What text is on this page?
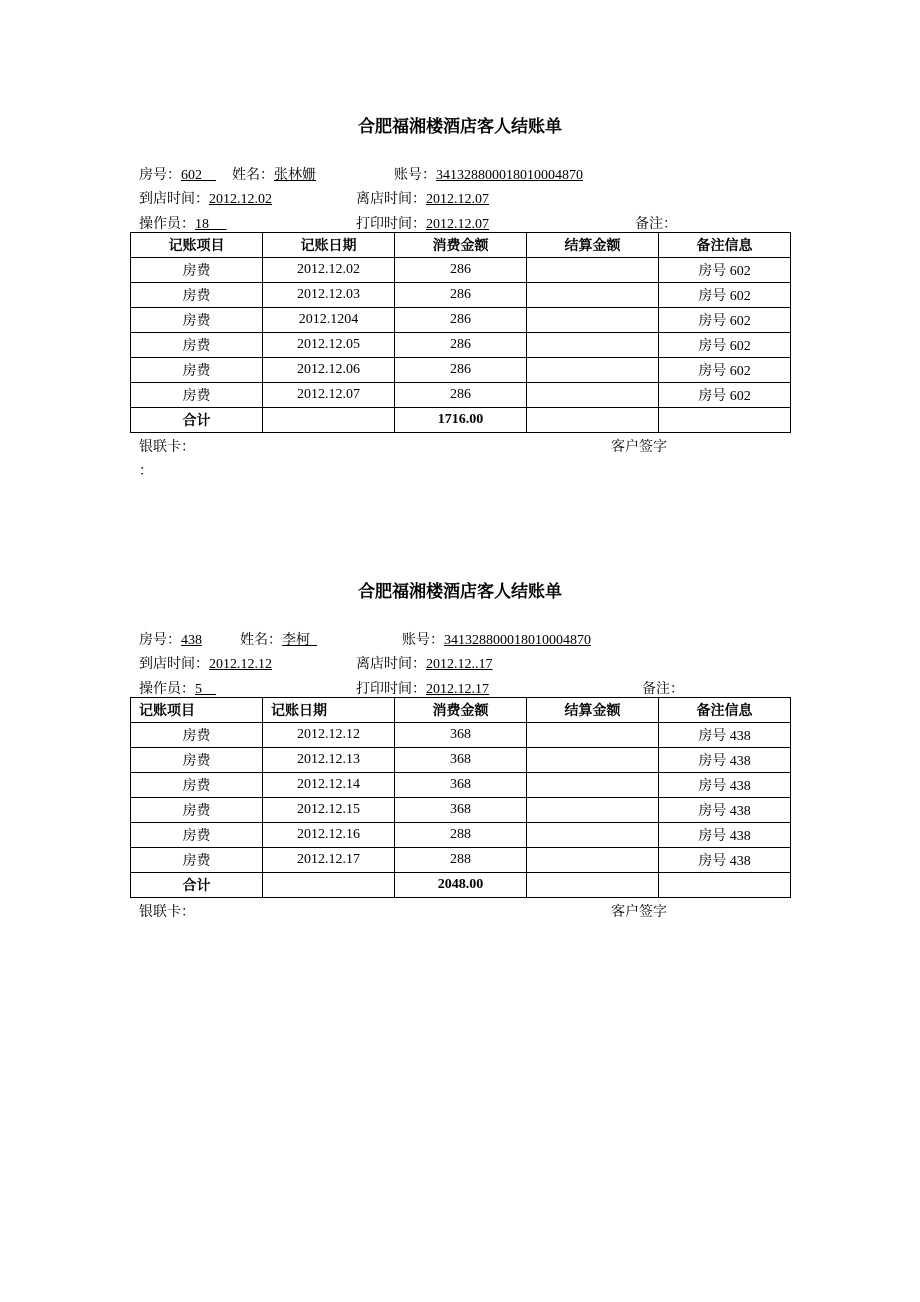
合肥福湘楼酒店客人结账单
房号：602	姓名：张林姗	账号：34132880001801000487​0
到店时间：2012.12.02	离店时间：2012.12.07
操作员：18	打印时间：2012.12.07	备注：
记账项目	记账日期	消费金额	结算金额	备注信息
房费	2012.12.02	286		房号 602
房费	2012.12.03	286		房号 602
房费	2012.1204	286		房号 602
房费	2012.12.05	286		房号 602
房费	2012.12.06	286		房号 602
房费	2012.12.07	286		房号 602
合计		1716.00		
银联卡：	客户签字
：
合肥福湘楼酒店客人结账单
房号：438	姓名：李柯	账号：341328800018010004870
到店时间：2012.12.12	离店时间：2012.12..17
操作员：5	打印时间：2012.12.17	备注：
记账项目	记账日期	消费金额	结算金额	备注信息
房费	2012.12.12	368		房号 438
房费	2012.12.13	368		房号 438
房费	2012.12.14	368		房号 438
房费	2012.12.15	368		房号 438
房费	2012.12.16	288		房号 438
房费	2012.12.17	288		房号 438
合计		2048.00		
银联卡：	客户签字
